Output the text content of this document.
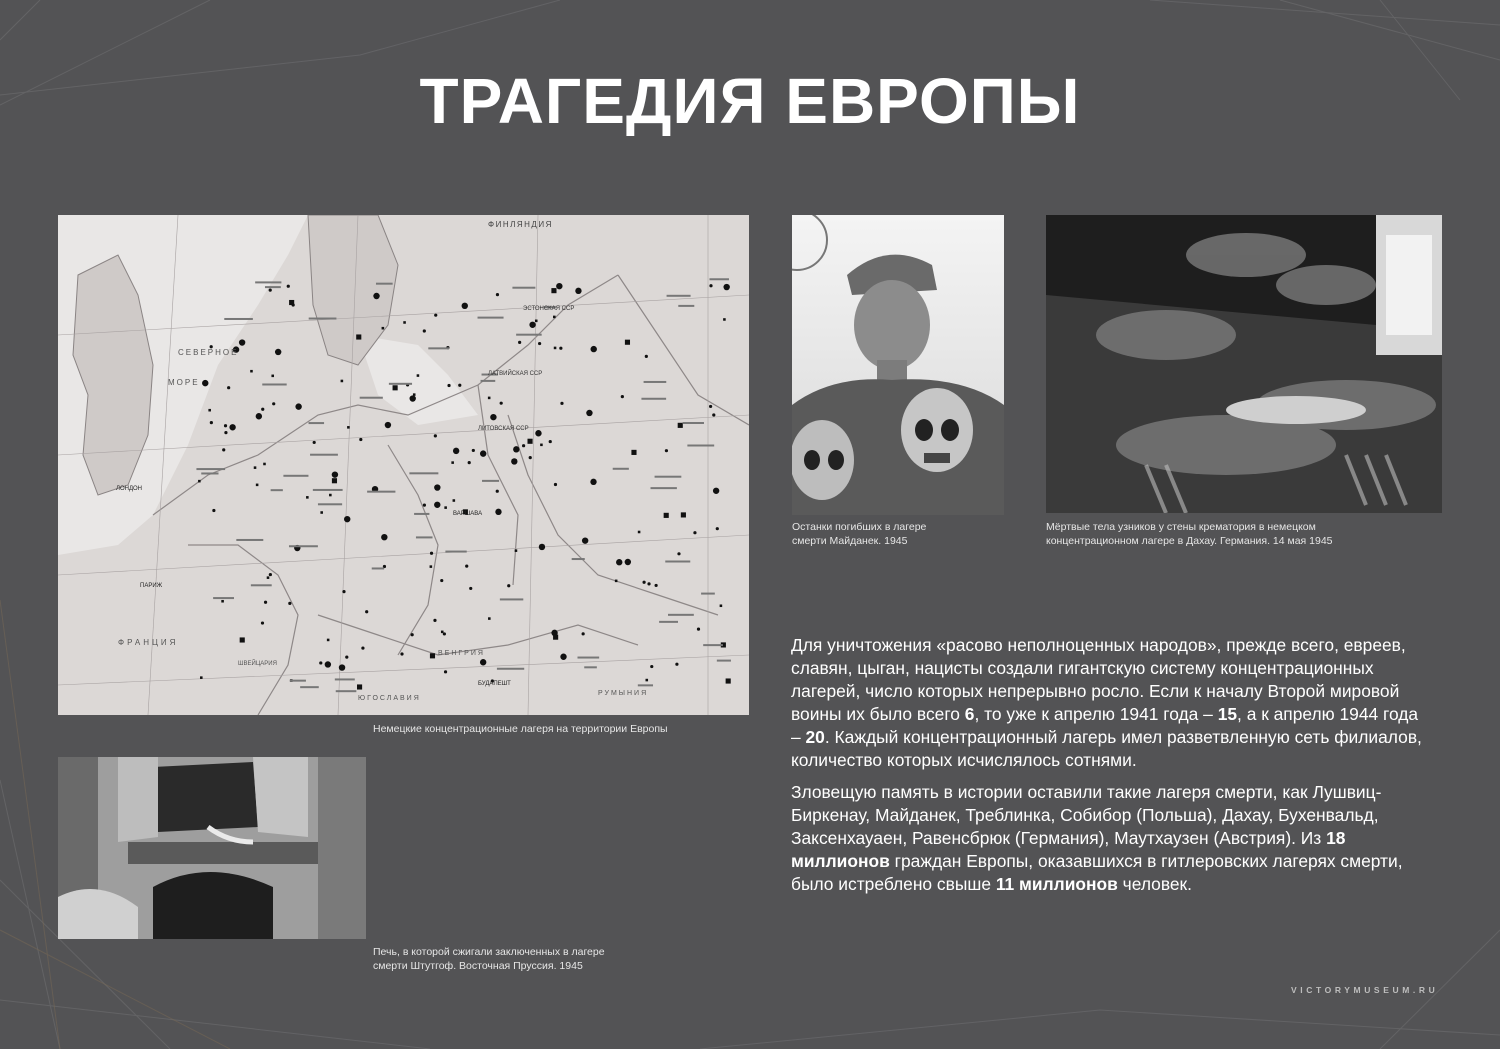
ТРАГЕДИЯ ЕВРОПЫ
ФИНЛЯНДИЯ
СЕВЕРНОЕ
МОРЕ
ЭСТОНСКАЯ ССР
ЛАТВИЙСКАЯ ССР
ЛИТОВСКАЯ ССР
ЛОНДОН
ПАРИЖ
ФРАНЦИЯ
ВАРШАВА
ШВЕЙЦАРИЯ
ВЕНГРИЯ
БУДАПЕШТ
ЮГОСЛАВИЯ
РУМЫНИЯ
Немецкие концентрационные лагеря на территории Европы
Останки погибших в лагере
смерти Майданек. 1945
Мёртвые тела узников у стены крематория в немецком
концентрационном лагере в Дахау. Германия. 14 мая 1945
Печь, в которой сжигали заключенных в лагере
смерти Штутгоф. Восточная Пруссия. 1945

Для уничтожения «расово неполноценных народов», прежде всего, евреев, славян, цыган, нацисты создали гигантскую систему концентрационных лагерей, число которых непрерывно росло. Если к началу Второй мировой воины их было всего 6, то уже к апрелю 1941 года – 15, а к апрелю 1944 года – 20. Каждый концентрационный лагерь имел разветвленную сеть филиалов, количество которых исчислялось сотнями.

Зловещую память в истории оставили такие лагеря смерти, как Лушвиц-Биркенау, Майданек, Треблинка, Собибор (Польша), Дахау, Бухенвальд, Заксенхауаен, Равенсбрюк (Германия), Маутхаузен (Австрия). Из 18 миллионов граждан Европы, оказавшихся в гитлеровских лагерях смерти, было истреблено свыше 11 миллионов человек.

VICTORYMUSEUM.RU
